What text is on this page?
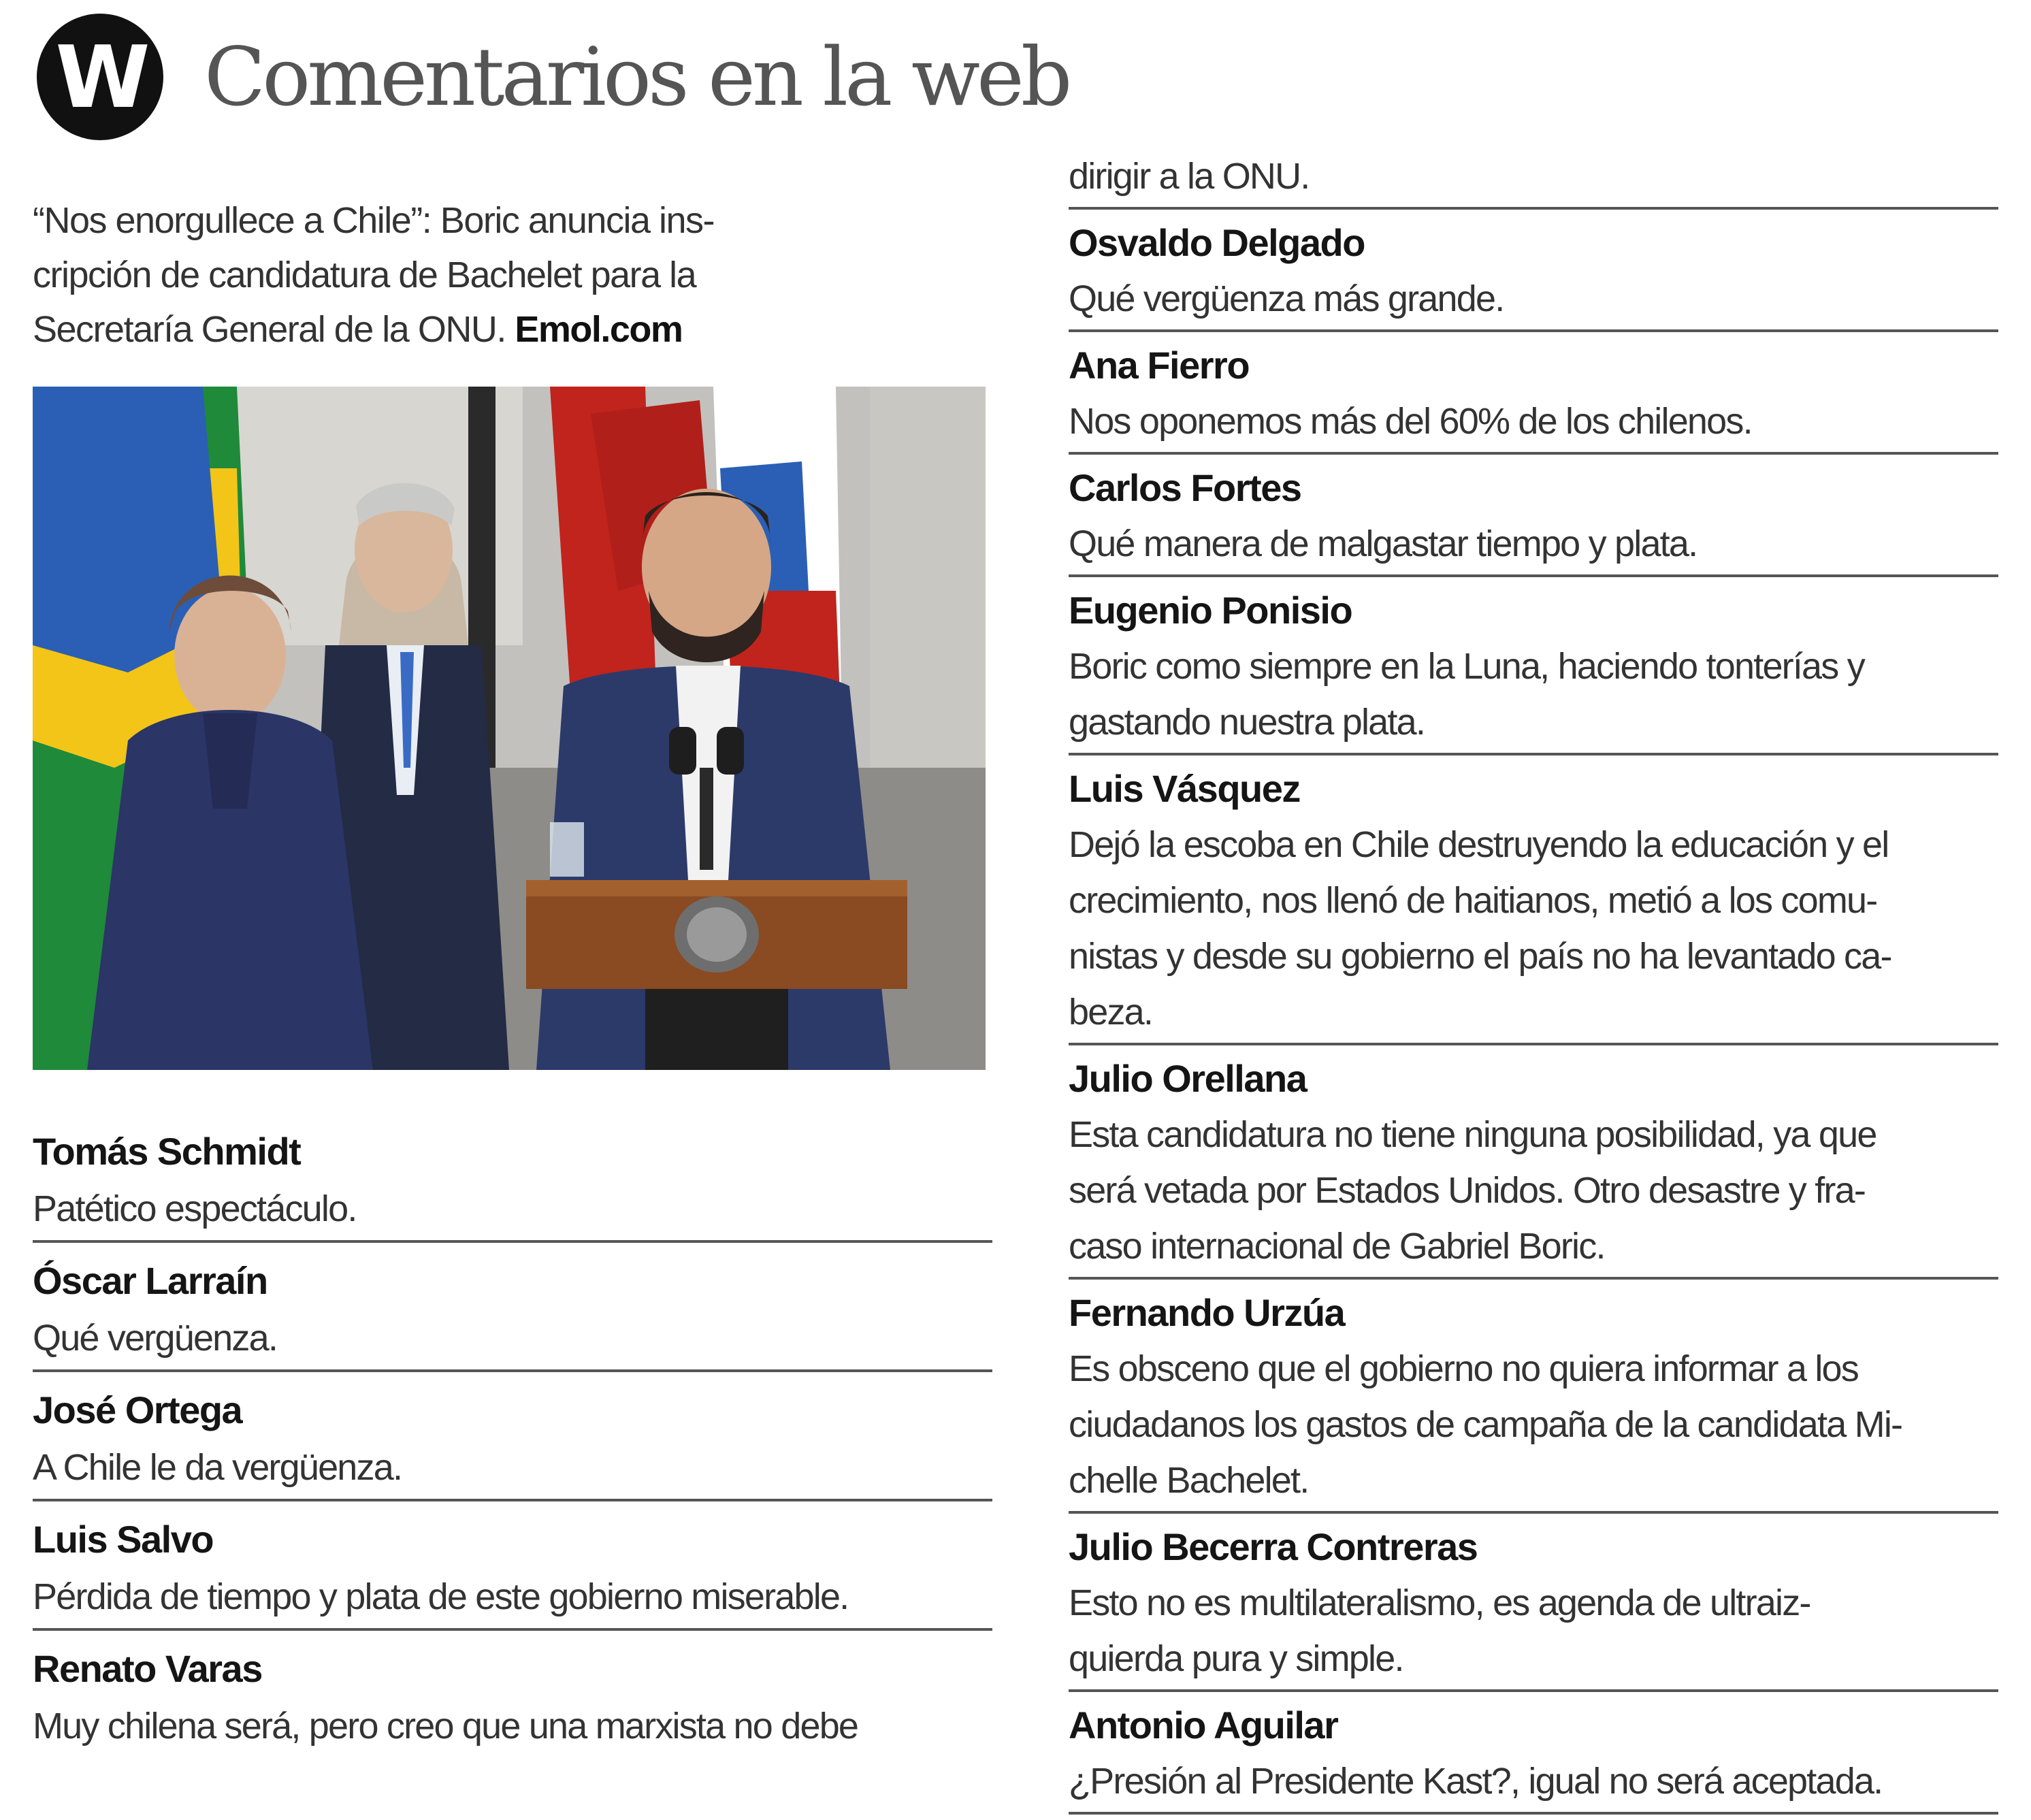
W Comentarios en la web
“Nos enorgullece a Chile”: Boric anuncia ins-
cripción de candidatura de Bachelet para la
Secretaría General de la ONU. Emol.com
Tomás Schmidt
Patético espectáculo.
Óscar Larraín
Qué vergüenza.
José Ortega
A Chile le da vergüenza.
Luis Salvo
Pérdida de tiempo y plata de este gobierno miserable.
Renato Varas
Muy chilena será, pero creo que una marxista no debe
dirigir a la ONU.
Osvaldo Delgado
Qué vergüenza más grande.
Ana Fierro
Nos oponemos más del 60% de los chilenos.
Carlos Fortes
Qué manera de malgastar tiempo y plata.
Eugenio Ponisio
Boric como siempre en la Luna, haciendo tonterías y
gastando nuestra plata.
Luis Vásquez
Dejó la escoba en Chile destruyendo la educación y el
crecimiento, nos llenó de haitianos, metió a los comu-
nistas y desde su gobierno el país no ha levantado ca-
beza.
Julio Orellana
Esta candidatura no tiene ninguna posibilidad, ya que
será vetada por Estados Unidos. Otro desastre y fra-
caso internacional de Gabriel Boric.
Fernando Urzúa
Es obsceno que el gobierno no quiera informar a los
ciudadanos los gastos de campaña de la candidata Mi-
chelle Bachelet.
Julio Becerra Contreras
Esto no es multilateralismo, es agenda de ultraiz-
quierda pura y simple.
Antonio Aguilar
¿Presión al Presidente Kast?, igual no será aceptada.
